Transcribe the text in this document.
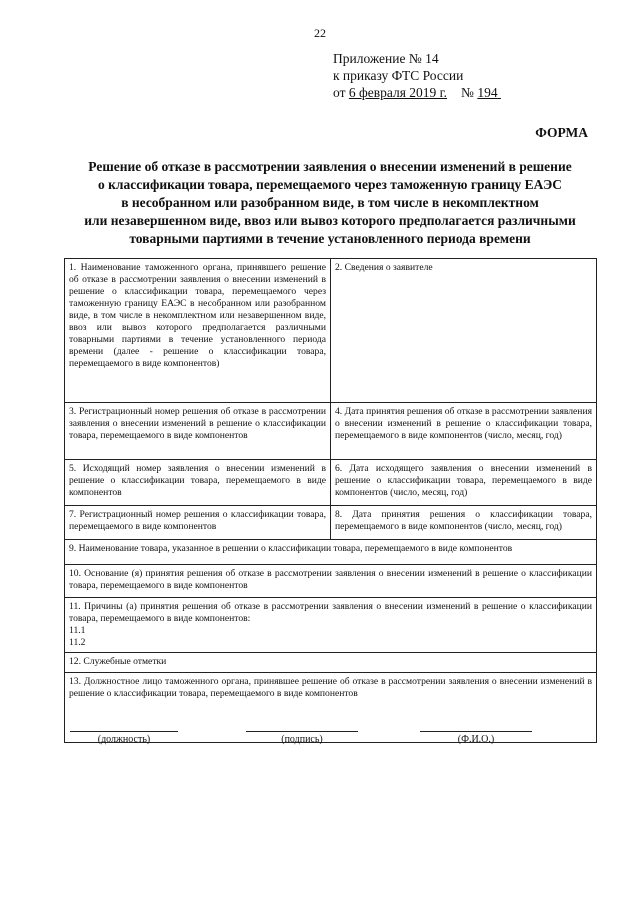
22
Приложение № 14
к приказу ФТС России
от 6 февраля 2019 г. № 194
ФОРМА
Решение об отказе в рассмотрении заявления о внесении изменений в решение
о классификации товара, перемещаемого через таможенную границу ЕАЭС
в несобранном или разобранном виде, в том числе в некомплектном
или незавершенном виде, ввоз или вывоз которого предполагается различными
товарными партиями в течение установленного периода времени
1. Наименование таможенного органа, принявшего решение об отказе в рассмотрении заявления о внесении изменений в решение о классификации товара, перемещаемого через таможенную границу ЕАЭС в несобранном или разобранном виде, в том числе в некомплектном или незавершенном виде, ввоз или вывоз которого предполагается различными товарными партиями в течение установленного периода времени (далее - решение о классификации товара, перемещаемого в виде компонентов)	2. Сведения о заявителе
3. Регистрационный номер решения об отказе в рассмотрении заявления о внесении изменений в решение о классификации товара, перемещаемого в виде компонентов	4. Дата принятия решения об отказе в рассмотрении заявления о внесении изменений в решение о классификации товара, перемещаемого в виде компонентов (число, месяц, год)
5. Исходящий номер заявления о внесении изменений в решение о классификации товара, перемещаемого в виде компонентов	6. Дата исходящего заявления о внесении изменений в решение о классификации товара, перемещаемого в виде компонентов (число, месяц, год)
7. Регистрационный номер решения о классификации товара, перемещаемого в виде компонентов	8. Дата принятия решения о классификации товара, перемещаемого в виде компонентов (число, месяц, год)
9. Наименование товара, указанное в решении о классификации товара, перемещаемого в виде компонентов	
10. Основание (я) принятия решения об отказе в рассмотрении заявления о внесении изменений в решение о классификации товара, перемещаемого в виде компонентов	

11. Причины (а) принятия решения об отказе в рассмотрении заявления о внесении изменений в решение о классификации товара, перемещаемого в виде компонентов:
11.1
11.2	

12. Служебные отметки	
13. Должностное лицо таможенного органа, принявшее решение об отказе в рассмотрении заявления о внесении изменений в решение о классификации товара, перемещаемого в виде компонентов	
(должность)	(подпись)	(Ф.И.О.)
